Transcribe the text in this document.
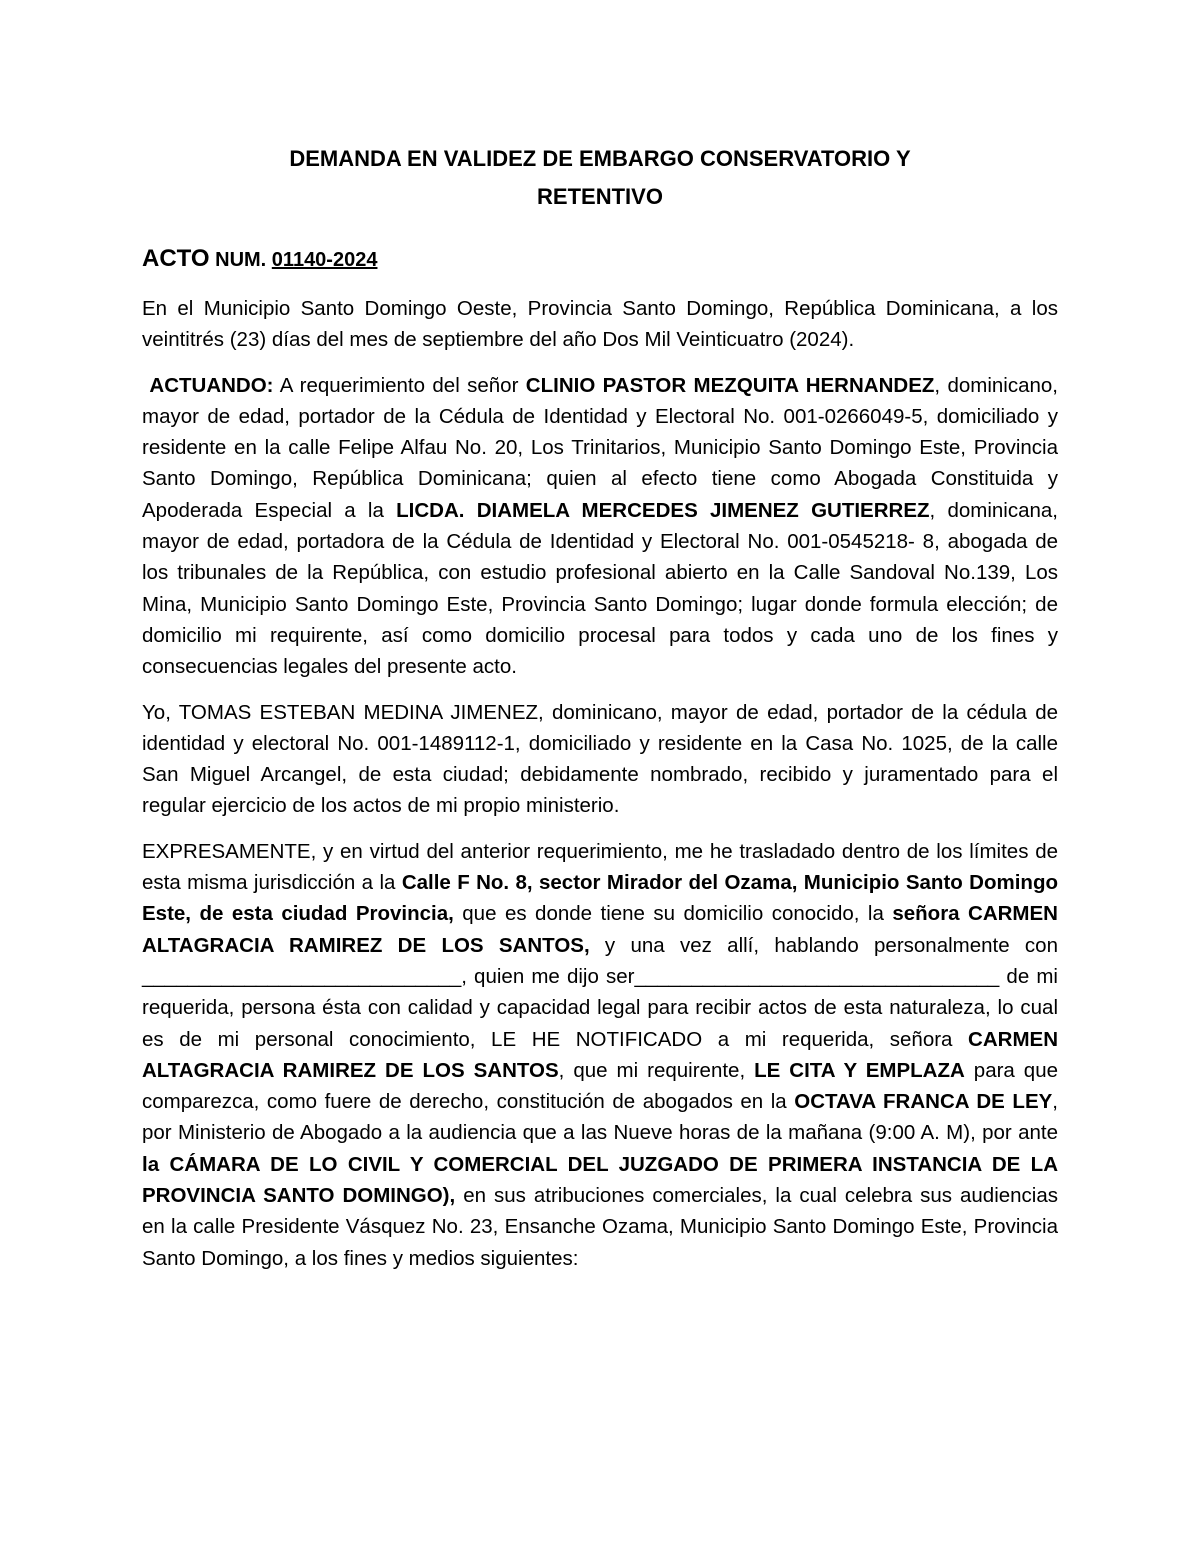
DEMANDA EN VALIDEZ DE EMBARGO CONSERVATORIO Y
RETENTIVO
ACTO NUM. 01140-2024

En el Municipio Santo Domingo Oeste, Provincia Santo Domingo, República Dominicana, a los veintitrés (23) días del mes de septiembre del año Dos Mil Veinticuatro (2024).

ACTUANDO: A requerimiento del señor CLINIO PASTOR MEZQUITA HERNANDEZ, dominicano, mayor de edad, portador de la Cédula de Identidad y Electoral No. 001-0266049-5, domiciliado y residente en la calle Felipe Alfau No. 20, Los Trinitarios, Municipio Santo Domingo Este, Provincia Santo Domingo, República Dominicana; quien al efecto tiene como Abogada Constituida y Apoderada Especial a la LICDA. DIAMELA MERCEDES JIMENEZ GUTIERREZ, dominicana, mayor de edad, portadora de la Cédula de Identidad y Electoral No. 001-0545218- 8, abogada de los tribunales de la República, con estudio profesional abierto en la Calle Sandoval No.139, Los Mina, Municipio Santo Domingo Este, Provincia Santo Domingo; lugar donde formula elección; de domicilio mi requirente, así como domicilio procesal para todos y cada uno de los fines y consecuencias legales del presente acto.

Yo, TOMAS ESTEBAN MEDINA JIMENEZ, dominicano, mayor de edad, portador de la cédula de identidad y electoral No. 001-1489112-1, domiciliado y residente en la Casa No. 1025, de la calle San Miguel Arcangel, de esta ciudad; debidamente nombrado, recibido y juramentado para el regular ejercicio de los actos de mi propio ministerio.

EXPRESAMENTE, y en virtud del anterior requerimiento, me he trasladado dentro de los límites de esta misma jurisdicción a la Calle F No. 8, sector Mirador del Ozama, Municipio Santo Domingo Este, de esta ciudad Provincia, que es donde tiene su domicilio conocido, la señora CARMEN ALTAGRACIA RAMIREZ DE LOS SANTOS, y una vez allí, hablando personalmente con ____________________________, quien me dijo ser________________________________ de mi requerida, persona ésta con calidad y capacidad legal para recibir actos de esta naturaleza, lo cual es de mi personal conocimiento, LE HE NOTIFICADO a mi requerida, señora CARMEN ALTAGRACIA RAMIREZ DE LOS SANTOS, que mi requirente, LE CITA Y EMPLAZA para que comparezca, como fuere de derecho, constitución de abogados en la OCTAVA FRANCA DE LEY, por Ministerio de Abogado a la audiencia que a las Nueve horas de la mañana (9:00 A. M), por ante la CÁMARA DE LO CIVIL Y COMERCIAL DEL JUZGADO DE PRIMERA INSTANCIA DE LA PROVINCIA SANTO DOMINGO), en sus atribuciones comerciales, la cual celebra sus audiencias en la calle Presidente Vásquez No. 23, Ensanche Ozama, Municipio Santo Domingo Este, Provincia Santo Domingo, a los fines y medios siguientes:
